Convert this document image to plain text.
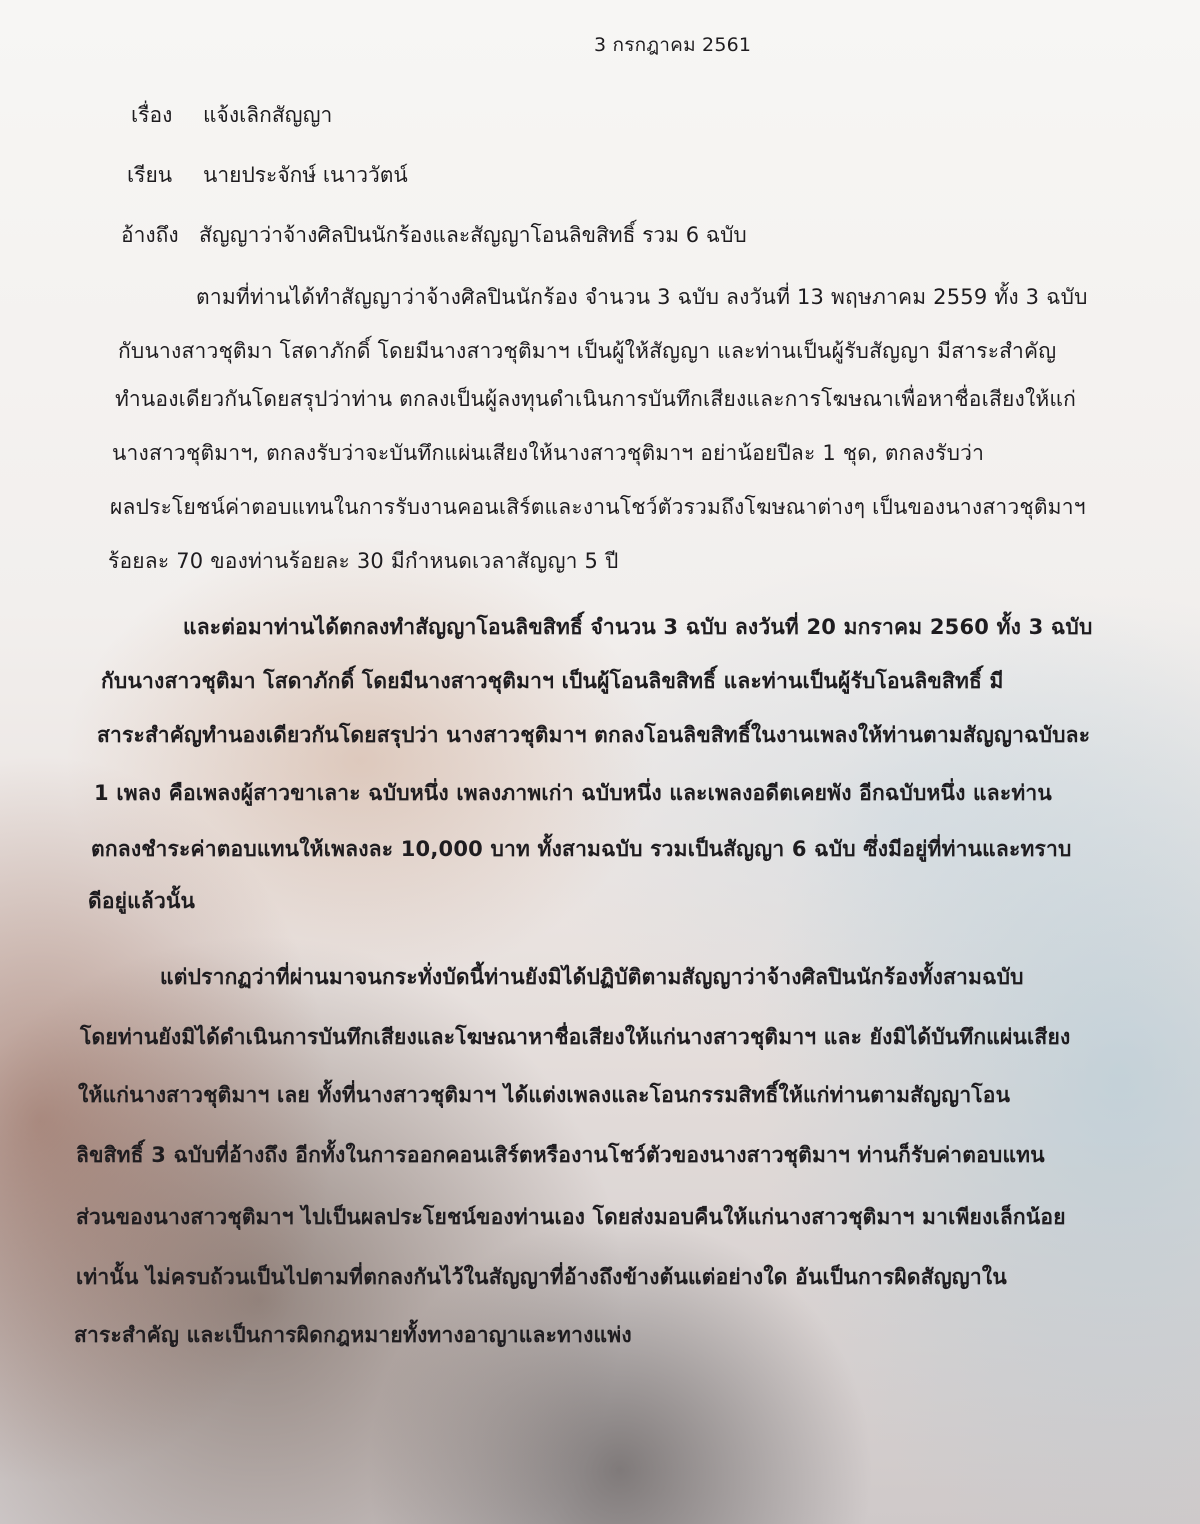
3 กรกฎาคม 2561
เรื่อง แจ้งเลิกสัญญา
เรียน นายประจักษ์ เนาววัตน์
อ้างถึง สัญญาว่าจ้างศิลปินนักร้องและสัญญาโอนลิขสิทธิ์ รวม 6 ฉบับ
ตามที่ท่านได้ทำสัญญาว่าจ้างศิลปินนักร้อง จำนวน 3 ฉบับ ลงวันที่ 13 พฤษภาคม 2559 ทั้ง 3 ฉบับ
กับนางสาวชุติมา โสดาภักดิ์ โดยมีนางสาวชุติมาฯ เป็นผู้ให้สัญญา และท่านเป็นผู้รับสัญญา มีสาระสำคัญ
ทำนองเดียวกันโดยสรุปว่าท่าน ตกลงเป็นผู้ลงทุนดำเนินการบันทึกเสียงและการโฆษณาเพื่อหาชื่อเสียงให้แก่
นางสาวชุติมาฯ, ตกลงรับว่าจะบันทึกแผ่นเสียงให้นางสาวชุติมาฯ อย่าน้อยปีละ 1 ชุด, ตกลงรับว่า
ผลประโยชน์ค่าตอบแทนในการรับงานคอนเสิร์ตและงานโชว์ตัวรวมถึงโฆษณาต่างๆ เป็นของนางสาวชุติมาฯ
ร้อยละ 70 ของท่านร้อยละ 30 มีกำหนดเวลาสัญญา 5 ปี
และต่อมาท่านได้ตกลงทำสัญญาโอนลิขสิทธิ์ จำนวน 3 ฉบับ ลงวันที่ 20 มกราคม 2560 ทั้ง 3 ฉบับ
กับนางสาวชุติมา โสดาภักดิ์ โดยมีนางสาวชุติมาฯ เป็นผู้โอนลิขสิทธิ์ และท่านเป็นผู้รับโอนลิขสิทธิ์ มี
สาระสำคัญทำนองเดียวกันโดยสรุปว่า นางสาวชุติมาฯ ตกลงโอนลิขสิทธิ์ในงานเพลงให้ท่านตามสัญญาฉบับละ
1 เพลง คือเพลงผู้สาวขาเลาะ ฉบับหนึ่ง เพลงภาพเก่า ฉบับหนึ่ง และเพลงอดีตเคยพัง อีกฉบับหนึ่ง และท่าน
ตกลงชำระค่าตอบแทนให้เพลงละ 10,000 บาท ทั้งสามฉบับ รวมเป็นสัญญา 6 ฉบับ ซึ่งมีอยู่ที่ท่านและทราบ
ดีอยู่แล้วนั้น
แต่ปรากฏว่าที่ผ่านมาจนกระทั่งบัดนี้ท่านยังมิได้ปฏิบัติตามสัญญาว่าจ้างศิลปินนักร้องทั้งสามฉบับ
โดยท่านยังมิได้ดำเนินการบันทึกเสียงและโฆษณาหาชื่อเสียงให้แก่นางสาวชุติมาฯ และ ยังมิได้บันทึกแผ่นเสียง
ให้แก่นางสาวชุติมาฯ เลย ทั้งที่นางสาวชุติมาฯ ได้แต่งเพลงและโอนกรรมสิทธิ์ให้แก่ท่านตามสัญญาโอน
ลิขสิทธิ์ 3 ฉบับที่อ้างถึง อีกทั้งในการออกคอนเสิร์ตหรืองานโชว์ตัวของนางสาวชุติมาฯ ท่านก็รับค่าตอบแทน
ส่วนของนางสาวชุติมาฯ ไปเป็นผลประโยชน์ของท่านเอง โดยส่งมอบคืนให้แก่นางสาวชุติมาฯ มาเพียงเล็กน้อย
เท่านั้น ไม่ครบถ้วนเป็นไปตามที่ตกลงกันไว้ในสัญญาที่อ้างถึงข้างต้นแต่อย่างใด อันเป็นการผิดสัญญาใน
สาระสำคัญ และเป็นการผิดกฎหมายทั้งทางอาญาและทางแพ่ง
